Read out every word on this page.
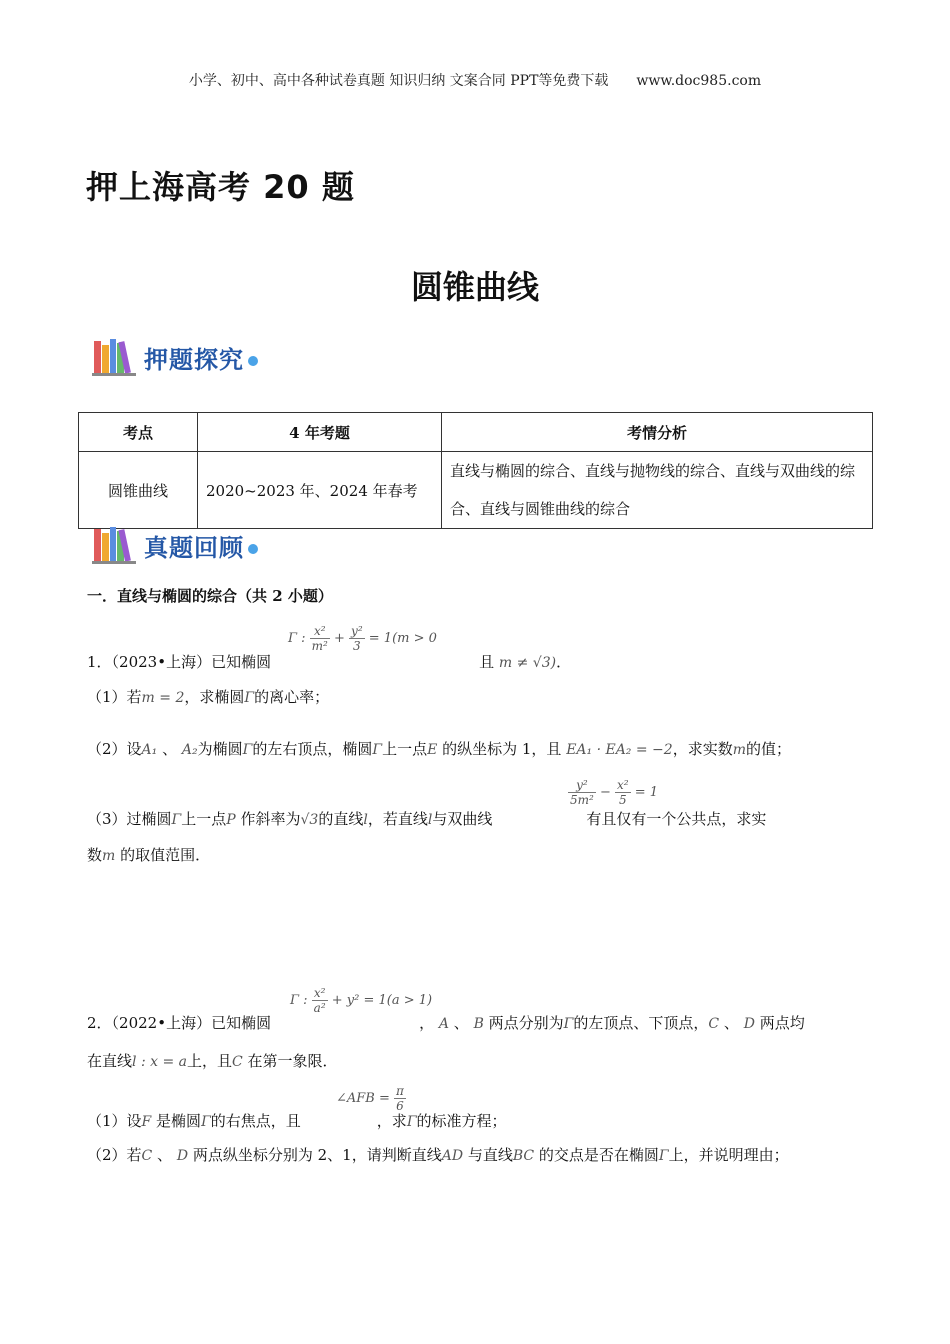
小学、初中、高中各种试卷真题 知识归纳 文案合同 PPT等免费下载 www.doc985.com
押上海高考 20 题
圆锥曲线
押题探究
考点	4 年考题	考情分析
圆锥曲线	2020~2023 年、2024 年春考	直线与椭圆的综合、直线与抛物线的综合、直线与双曲线的综合、直线与圆锥曲线的综合
真题回顾
一．直线与椭圆的综合（共 2 小题）
Γ : $\frac{\text{x²}}{\text{m²}} + \frac{\text{y²}}{3} = 1(m > 0$
1．（2023•上海）已知椭圆	且 m ≠ √3)．
（1）若m = 2，求椭圆Γ的离心率；
（2）设A₁ 、 A₂为椭圆Γ的左右顶点，椭圆Γ上一点E 的纵坐标为 1，且 EA₁ · EA₂ = −2，求实数m的值；
$\frac{\text{y²}}{\text{5m²}} - \frac{\text{x²}}{5} = 1$
（3）过椭圆Γ上一点P 作斜率为√3的直线l，若直线l与双曲线	有且仅有一个公共点，求实
数m 的取值范围．
Γ : $\frac{\text{x²}}{\text{a²}} + y^2 = 1(a > 1)$
2．（2022•上海）已知椭圆	， A 、 B 两点分别为Γ的左顶点、下顶点，C 、 D 两点均
在直线l : x = a上，且C 在第一象限．
∠AFB = $\frac{\pi}{6}$
（1）设F 是椭圆Γ的右焦点，且	，求Γ的标准方程；
（2）若C 、 D 两点纵坐标分别为 2、1，请判断直线AD 与直线BC 的交点是否在椭圆Γ上，并说明理由；
